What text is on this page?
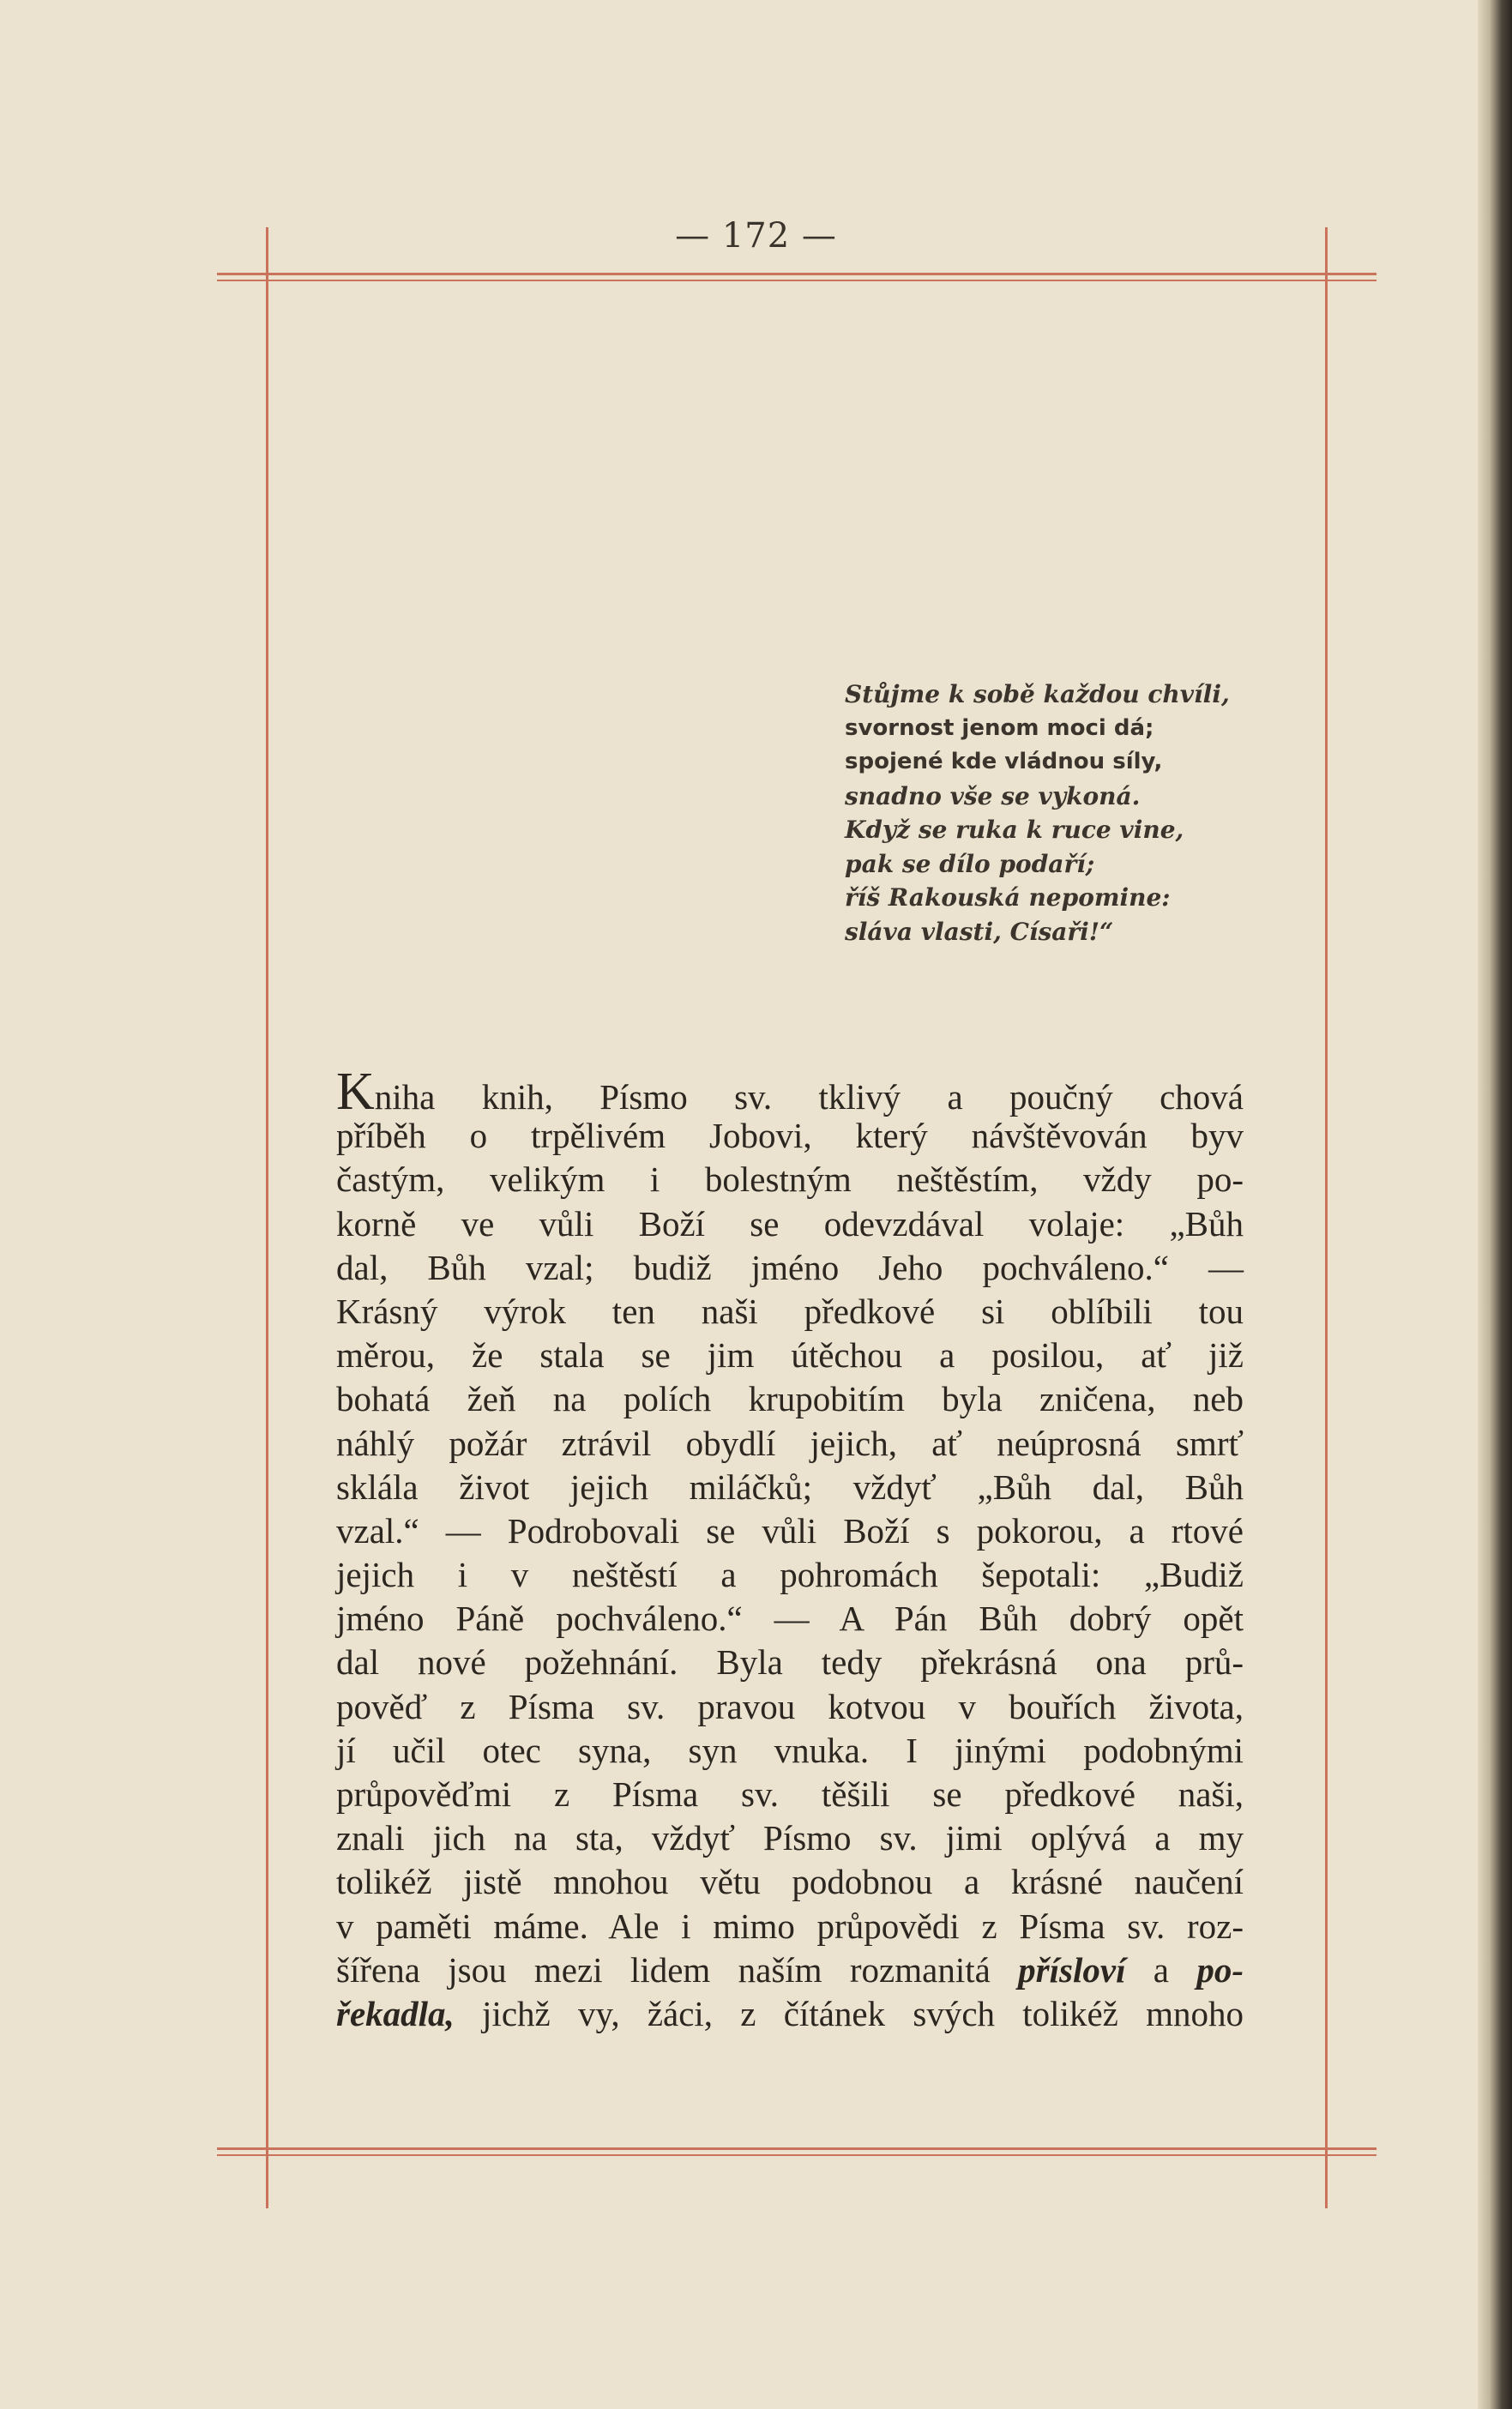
— 172 —
Stůjme k sobě každou chvíli,
svornost jenom moci dá;
spojené kde vládnou síly,
snadno vše se vykoná.
Když se ruka k ruce vine,
pak se dílo podaří;
říš Rakouská nepomine:
sláva vlasti, Císaři!“
Kniha knih, Písmo sv. tklivý a poučný chová
příběh o trpělivém Jobovi, který návštěvován byv
častým, velikým i bolestným neštěstím, vždy po-
korně ve vůli Boží se odevzdával volaje: „Bůh
dal, Bůh vzal; budiž jméno Jeho pochváleno.“ —
Krásný výrok ten naši předkové si oblíbili tou
měrou, že stala se jim útěchou a posilou, ať již
bohatá žeň na polích krupobitím byla zničena, neb
náhlý požár ztrávil obydlí jejich, ať neúprosná smrť
sklála život jejich miláčků; vždyť „Bůh dal, Bůh
vzal.“ — Podrobovali se vůli Boží s pokorou, a rtové
jejich i v neštěstí a pohromách šepotali: „Budiž
jméno Páně pochváleno.“ — A Pán Bůh dobrý opět
dal nové požehnání. Byla tedy překrásná ona prů-
pověď z Písma sv. pravou kotvou v bouřích života,
jí učil otec syna, syn vnuka. I jinými podobnými
průpověďmi z Písma sv. těšili se předkové naši,
znali jich na sta, vždyť Písmo sv. jimi oplývá a my
tolikéž jistě mnohou větu podobnou a krásné naučení
v paměti máme. Ale i mimo průpovědi z Písma sv. roz-
šířena jsou mezi lidem naším rozmanitá přísloví a po-
řekadla, jichž vy, žáci, z čítánek svých tolikéž mnoho
